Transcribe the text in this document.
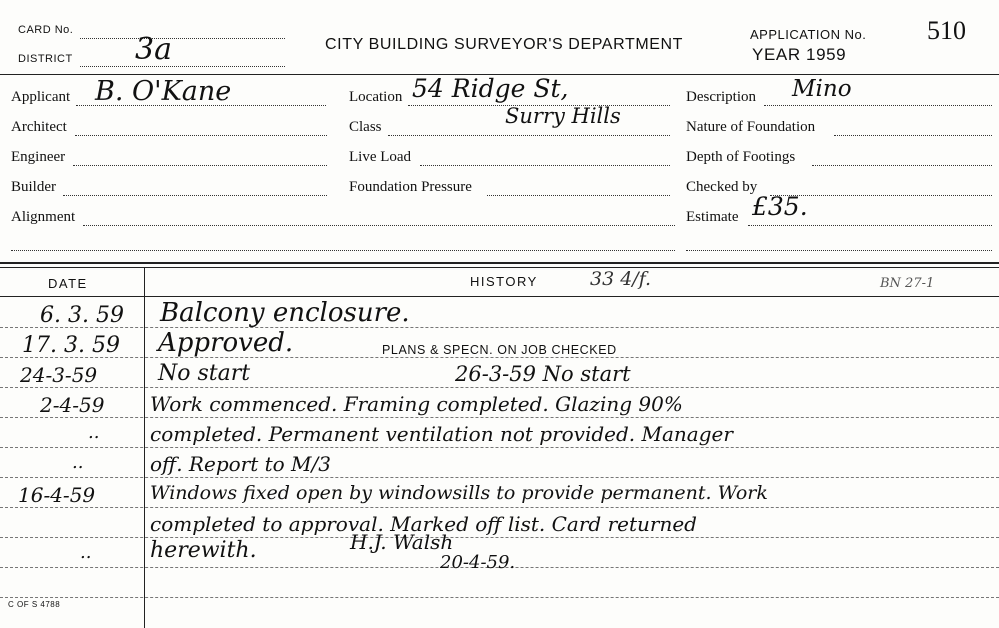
CARD No.
DISTRICT 3a	CITY BUILDING SURVEYOR'S DEPARTMENT
APPLICATION No.
YEAR 1959
510
Applicant B. O'Kane
Architect
Engineer
Builder
Alignment
Location 54 Ridge St,
Class	Surry Hills
Live Load
Foundation Pressure
Description Mino
Nature of Foundation
Depth of Footings
Checked by
Estimate £35.
DATE	HISTORY	33 4/f.	BN 27-1
6. 3. 59 Balcony enclosure.
17. 3. 59 Approved.	PLANS & SPECN. ON JOB CHECKED
24-3-59	No start	26-3-59 No start
2-4-59 Work commenced. Framing completed. Glazing 90%
..	completed. Permanent ventilation not provided. Manager
..	off. Report to M/3
16-4-59	Windows fixed open by windowsills to provide permanent. Work
completed to approval. Marked off list. Card returned
..	herewith.	H.J. Walsh
20-4-59.
C OF S 4788
